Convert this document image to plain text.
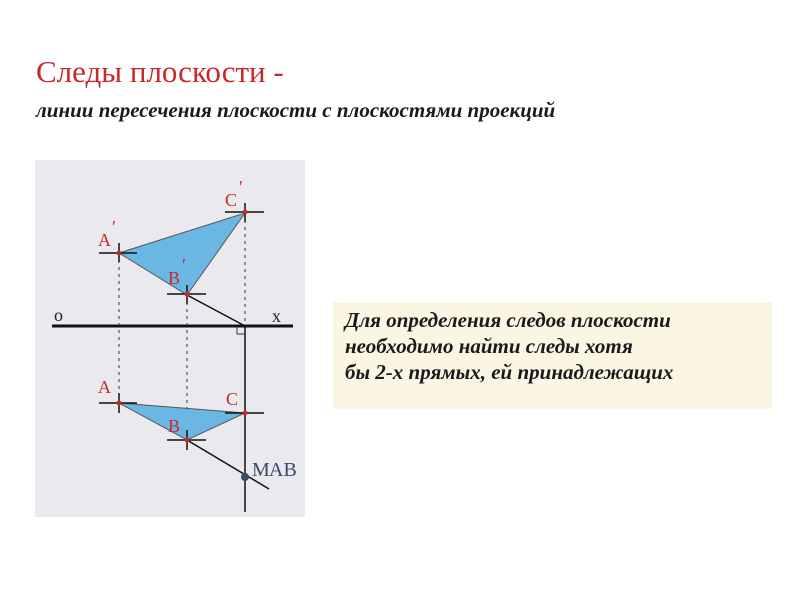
Следы плоскости -
линии пересечения плоскости с плоскостями проекций
o	x
A
′
C
′
B
′
A
C
B
M AB
Для определения следов плоскости
необходимо найти следы хотя
бы 2-х прямых, ей принадлежащих
